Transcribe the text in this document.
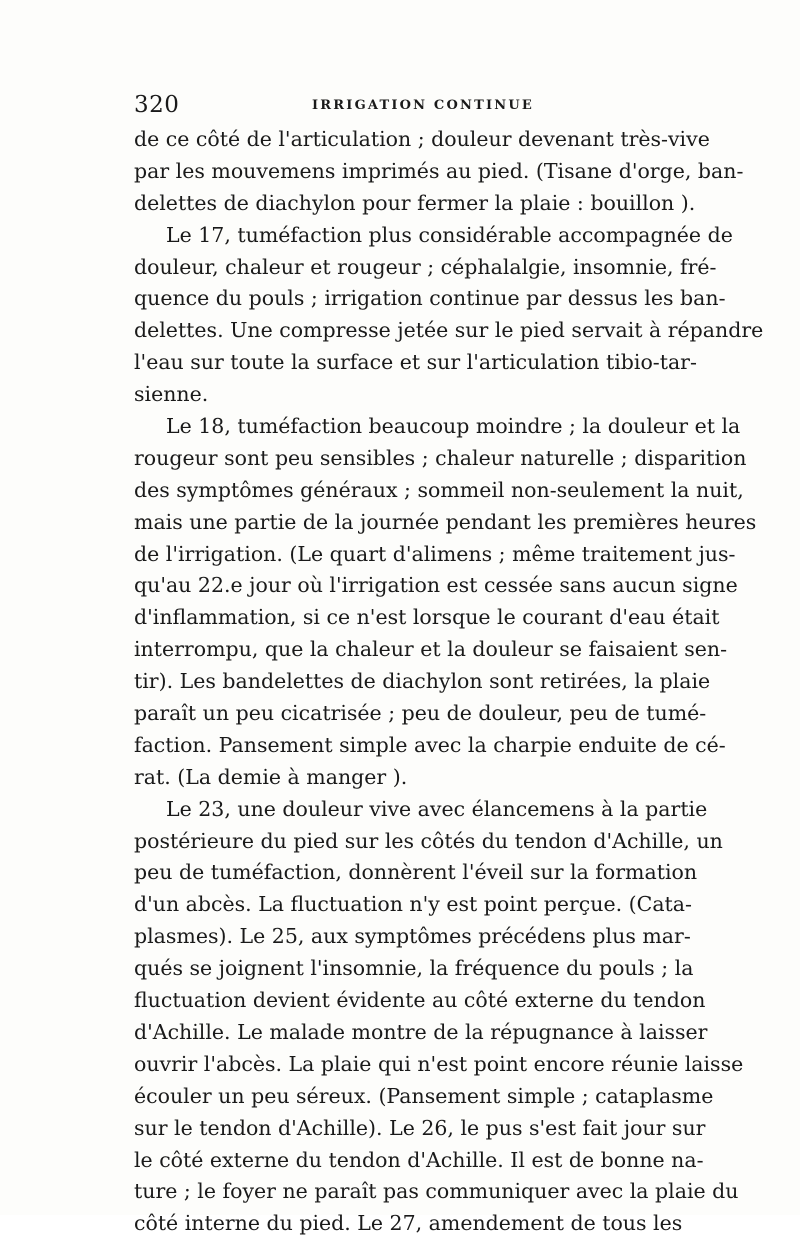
320	IRRIGATION CONTINUE
de ce côté de l'articulation ; douleur devenant très-vive
par les mouvemens imprimés au pied. (Tisane d'orge, ban-
delettes de diachylon pour fermer la plaie : bouillon ).
Le 17, tuméfaction plus considérable accompagnée de
douleur, chaleur et rougeur ; céphalalgie, insomnie, fré-
quence du pouls ; irrigation continue par dessus les ban-
delettes. Une compresse jetée sur le pied servait à répandre
l'eau sur toute la surface et sur l'articulation tibio-tar-
sienne.
Le 18, tuméfaction beaucoup moindre ; la douleur et la
rougeur sont peu sensibles ; chaleur naturelle ; disparition
des symptômes généraux ; sommeil non-seulement la nuit,
mais une partie de la journée pendant les premières heures
de l'irrigation. (Le quart d'alimens ; même traitement jus-
qu'au 22.e jour où l'irrigation est cessée sans aucun signe
d'inflammation, si ce n'est lorsque le courant d'eau était
interrompu, que la chaleur et la douleur se faisaient sen-
tir). Les bandelettes de diachylon sont retirées, la plaie
paraît un peu cicatrisée ; peu de douleur, peu de tumé-
faction. Pansement simple avec la charpie enduite de cé-
rat. (La demie à manger ).
Le 23, une douleur vive avec élancemens à la partie
postérieure du pied sur les côtés du tendon d'Achille, un
peu de tuméfaction, donnèrent l'éveil sur la formation
d'un abcès. La fluctuation n'y est point perçue. (Cata-
plasmes). Le 25, aux symptômes précédens plus mar-
qués se joignent l'insomnie, la fréquence du pouls ; la
fluctuation devient évidente au côté externe du tendon
d'Achille. Le malade montre de la répugnance à laisser
ouvrir l'abcès. La plaie qui n'est point encore réunie laisse
écouler un peu séreux. (Pansement simple ; cataplasme
sur le tendon d'Achille). Le 26, le pus s'est fait jour sur
le côté externe du tendon d'Achille. Il est de bonne na-
ture ; le foyer ne paraît pas communiquer avec la plaie du
côté interne du pied. Le 27, amendement de tous les
